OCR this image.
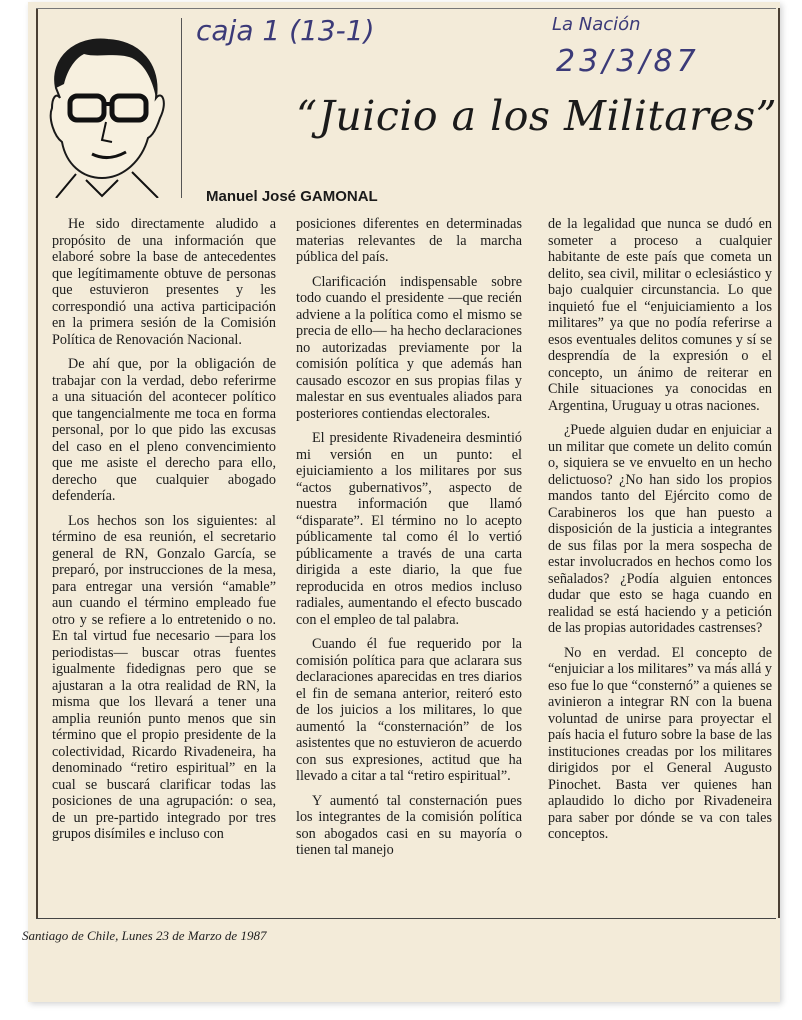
caja 1 (13-1)	La Nación
23/3/87
“Juicio a los Militares”
Manuel José GAMONAL

He sido directamente aludido a propósito de una información que elaboré sobre la base de antecedentes que legítimamente obtuve de personas que estuvieron presentes y les correspondió una activa participación en la primera sesión de la Comisión Política de Renovación Nacional.

De ahí que, por la obligación de trabajar con la verdad, debo referirme a una situación del acontecer político que tangencialmente me toca en forma personal, por lo que pido las excusas del caso en el pleno convencimiento que me asiste el derecho para ello, derecho que cualquier abogado defendería.

Los hechos son los siguientes: al término de esa reunión, el secretario general de RN, Gonzalo García, se preparó, por instrucciones de la mesa, para entregar una versión “amable” aun cuando el término empleado fue otro y se refiere a lo entretenido o no. En tal virtud fue necesario —para los periodistas— buscar otras fuentes igualmente fidedignas pero que se ajustaran a la otra realidad de RN, la misma que los llevará a tener una amplia reunión punto menos que sin término que el propio presidente de la colectividad, Ricardo Rivadeneira, ha denominado “retiro espiritual” en la cual se buscará clarificar todas las posiciones de una agrupación: o sea, de un pre-partido integrado por tres grupos disímiles e incluso con

posiciones diferentes en determinadas materias relevantes de la marcha pública del país.

Clarificación indispensable sobre todo cuando el presidente —que recién adviene a la política como el mismo se precia de ello— ha hecho declaraciones no autorizadas previamente por la comisión política y que además han causado escozor en sus propias filas y malestar en sus eventuales aliados para posteriores contiendas electorales.

El presidente Rivadeneira desmintió mi versión en un punto: el ejuiciamiento a los militares por sus “actos gubernativos”, aspecto de nuestra información que llamó “disparate”. El término no lo acepto públicamente tal como él lo vertió públicamente a través de una carta dirigida a este diario, la que fue reproducida en otros medios incluso radiales, aumentando el efecto buscado con el empleo de tal palabra.

Cuando él fue requerido por la comisión política para que aclarara sus declaraciones aparecidas en tres diarios el fin de semana anterior, reiteró esto de los juicios a los militares, lo que aumentó la “consternación” de los asistentes que no estuvieron de acuerdo con sus expresiones, actitud que ha llevado a citar a tal “retiro espiritual”.

Y aumentó tal consternación pues los integrantes de la comisión política son abogados casi en su mayoría o tienen tal manejo

de la legalidad que nunca se dudó en someter a proceso a cualquier habitante de este país que cometa un delito, sea civil, militar o eclesiástico y bajo cualquier circunstancia. Lo que inquietó fue el “enjuiciamiento a los militares” ya que no podía referirse a esos eventuales delitos comunes y sí se desprendía de la expresión o el concepto, un ánimo de reiterar en Chile situaciones ya conocidas en Argentina, Uruguay u otras naciones.

¿Puede alguien dudar en enjuiciar a un militar que comete un delito común o, siquiera se ve envuelto en un hecho delictuoso? ¿No han sido los propios mandos tanto del Ejército como de Carabineros los que han puesto a disposición de la justicia a integrantes de sus filas por la mera sospecha de estar involucrados en hechos como los señalados? ¿Podía alguien entonces dudar que esto se haga cuando en realidad se está haciendo y a petición de las propias autoridades castrenses?

No en verdad. El concepto de “enjuiciar a los militares” va más allá y eso fue lo que “consternó” a quienes se avinieron a integrar RN con la buena voluntad de unirse para proyectar el país hacia el futuro sobre la base de las instituciones creadas por los militares dirigidos por el General Augusto Pinochet. Basta ver quienes han aplaudido lo dicho por Rivadeneira para saber por dónde se va con tales conceptos.

Santiago de Chile, Lunes 23 de Marzo de 1987
